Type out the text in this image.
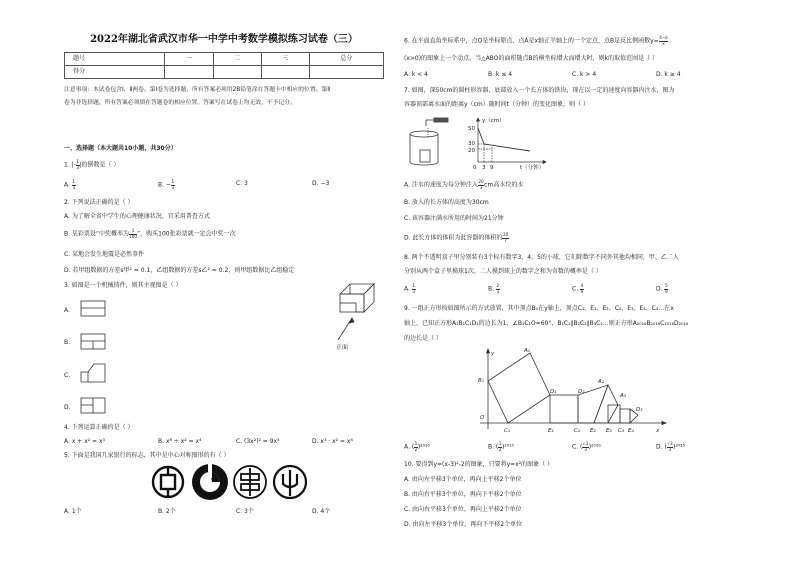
2022年湖北省武汉市华一中学中考数学模拟练习试卷（三）
题号	一	二	三	总分
得分				
注意事项：本试卷包含Ⅰ、Ⅱ两卷。第Ⅰ卷为选择题，所有答案必须用2B铅笔涂在答题卡中相应的位置。第Ⅱ
卷为非选择题，所有答案必须填在答题卷的相应位置。答案写在试卷上均无效，不予记分。
一、选择题（本大题共10小题，共30分）
1. |- $\frac{1}{3}$ |的倒数是（ ）
A. $\frac{1}{3}$	B. − $\frac{1}{3}$	C. 3	D. −3
2. 下列说法正确的是（ ）
A. 为了解全省中学生的心理健康状况，宜采用普查方式
B. 某彩票设“中奖概率为 $\frac{1}{100}$ ”，购买100张彩票就一定会中奖一次
C. 某地会发生地震是必然事件
D. 若甲组数据的方差s甲² = 0.1，乙组数据的方差s乙² = 0.2，则甲组数据比乙组稳定
3. 如图是一个机械铸件，则其主视图是（ ）
正面
A.
B.
C.
D.
4. 下列运算正确的是（ ）
A. x + x² = x³	B. x⁸ ÷ x² = x⁴	C. (3x²)² = 9x⁴	D. x³ · x² = x⁶
5. 下面是我国几家银行的标志，其中是中心对称图形的有（ ）
A. 1个	B. 2个	C. 3个	D. 4个
6. 在平面直角坐标系中，点O是坐标原点，点A是x轴正半轴上的一个定点，点B是反比例函数$y= \frac{4-k}{x}$
(x>0)的图象上一个动点，当△ABO的面积随点B的横坐标增大而增大时，则k的取值范围是（ ）
A. k < 4	B. k ≤ 4	C. k > 4	D. k ≥ 4
7. 如图，深50cm的圆柱形容器，底部放入一个长方体的铁块，现在以一定的速度向容器内注水，图为
容器顶部离水面的距离y（cm）随时间t（分钟）的变化图象，则（ ）
y（cm）
50
30
20
0 3 9	t（分钟）
A. 注水的速度为每分钟注入 $\frac{20}{3}$ cm高水位的水
B. 放入的长方体的高度为30cm
C. 该容器注满水所用的时间为21分钟
D. 此长方体的体积为此容器的体积的 $\frac{20}{7}$
8. 两个不透明盒子里分别装有3个标有数字3，4，5的小球，它们除数字不同外其他均相同，甲、乙二人
分别从两个盒子里摸球1次，二人摸到球上的数字之和为奇数的概率是（ ）
A. $\frac{1}{3}$	B. $\frac{2}{3}$	C. $\frac{4}{9}$	D. $\frac{5}{9}$
9. 一组正方形按如图所示的方式放置，其中顶点B₁在y轴上，顶点C₁、E₁、E₂、C₂、E₃、E₄、C₃…在x
轴上，已知正方形A₁B₁C₁D₁的边长为1，∠B₁C₁O=60°，B₁C₁∥B₂C₂∥B₃C₃…则正方形A₂₀₁₆B₂₀₁₆C₂₀₁₆D₂₀₁₆
的边长是（ ）
y	A₁
B₁
D₁
A₂
D₂
A₃
D₃
O
C₁	E₁	C₂ E₂ E₃ C₃ E₄	x
A. ( $\frac{1}{2} )^{2016}$	B. ( $\frac{1}{2} )^{2015}$	C. ( $\frac{√3}{3} )^{2016}$	D. ( $\frac{√3}{3} )^{2015}$
10. 要得到y=(x-3)²-2的图象，只要将y=x²的图象（ ）
A. 由向左平移3个单位，再向上平移2个单位
B. 由向右平移3个单位，再向下平移2个单位
C. 由向右平移3个单位，再向上平移2个单位
D. 由向左平移3个单位，再向下平移2个单位
